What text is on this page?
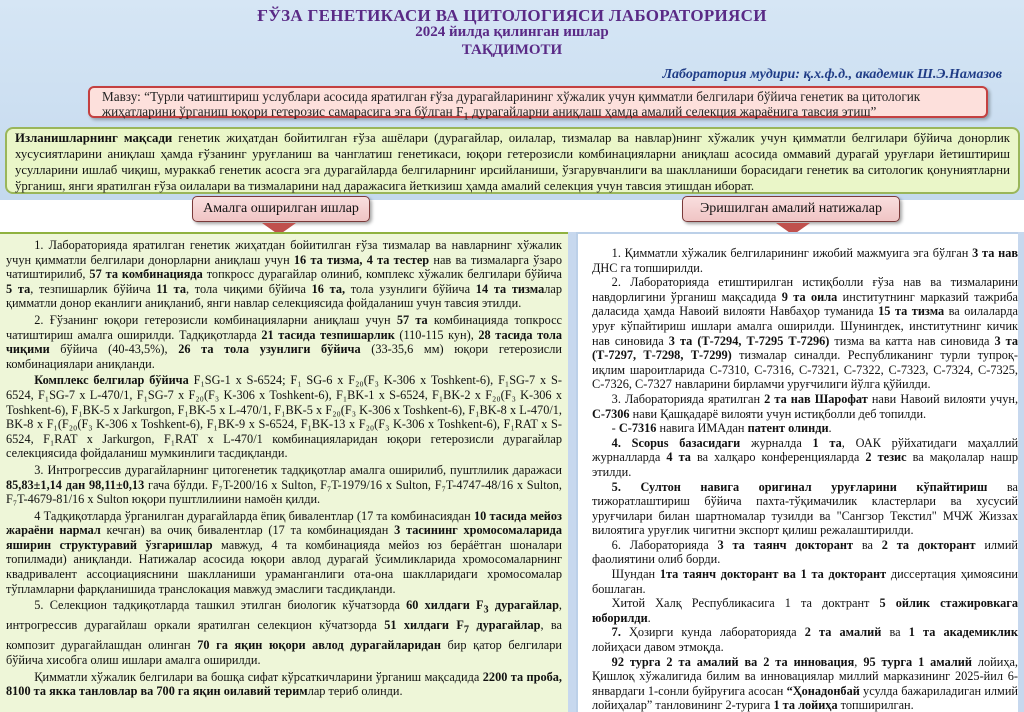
ҒЎЗА ГЕНЕТИКАСИ ВА ЦИТОЛОГИЯСИ ЛАБОРАТОРИЯСИ
2024 йилда қилинган ишлар
ТАҚДИМОТИ
Лаборатория мудири: қ.х.ф.д., академик Ш.Э.Намазов
Мавзу: “Турли чатиштириш услублари асосида яратилган ғўза дурагайларининг хўжалик учун қимматли белгилари бўйича генетик ва цитологик жиҳатларини ўрганиш юқори гетерозис самарасига эга бўлган $F_1$ дурагайларни аниқлаш ҳамда амалий селекция жараёнига тавсия этиш”
Изланишларнинг мақсади генетик жиҳатдан бойитилган ғўза ашёлари (дурагайлар, оилалар, тизмалар ва навлар)нинг хўжалик учун қимматли белгилари бўйича донорлик хусусиятларини аниқлаш ҳамда ғўзанинг уруғланиш ва чанглатиш генетикаси, юқори гетерозисли комбинацияларни аниқлаш асосида оммавий дурагай уруғлари йетиштириш усулларини ишлаб чиқиш, мураккаб генетик асосга эга дурагайларда белгиларнинг ирсийланиши, ўзгарувчанлиги ва шаклланиши борасидаги генетик ва ситологик қонуниятларни ўрганиш, янги яратилган ғўза оилалари ва тизмаларини над даражасига йеткизиш ҳамда амалий селекция учун тавсия этишдан иборат.
Амалга оширилган ишлар	Эришилган амалий натижалар

1. Лабораторияда яратилган генетик жиҳатдан бойитилган ғўза тизмалар ва навларнинг хўжалик учун қимматли белгилари донорларни аниқлаш учун 16 та тизма, 4 та тестер нав ва тизмаларга ўзаро чатиштирилиб, 57 та комбинацияда топкросс дурагайлар олиниб, комплекс хўжалик белгилари бўйича 5 та, тезпишарлик бўйича 11 та, тола чиқими бўйича 16 та, тола узунлиги бўйича 14 та тизмалар қимматли донор еканлиги аниқланиб, янги навлар селекциясида фойдаланиш учун тавсия этилди.

2. Ғўзанинг юқори гетерозисли комбинацияларни аниқлаш учун 57 та комбинацияда топкросс чатиштириш амалга оширилди. Тадқиқотларда 21 тасида тезпишарлик (110-115 кун), 28 тасида тола чиқими бўйича (40-43,5%), 26 та тола узунлиги бўйича (33-35,6 мм) юқори гетерозисли комбинациялари аниқланди.

Комплекс белгилар бўйича F₁SG-1 x S-6524; F₁ SG-6 x F₂₀(F₃ K-306 x Toshkent-6), F₁SG-7 x S-6524, F₁SG-7 x L-470/1, F₁SG-7 x F₂₀(F₃ K-306 x Toshkent-6), F₁BK-1 x S-6524, F₁BK-2 x F₂₀(F₃ K-306 x Toshkent-6), F₁BK-5 x Jarkurgon, F₁BK-5 x L-470/1, F₁BK-5 x F₂₀(F₃ K-306 x Toshkent-6), F₁BK-8 x L-470/1, BK-8 x F₁(F₂₀(F₃ K-306 x Toshkent-6), F₁BK-9 x S-6524, F₁BK-13 x F₂₀(F₃ K-306 x Toshkent-6), F₁RAT x S-6524, F₁RAT x Jarkurgon, F₁RAT x L-470/1 комбинацияларидан юқори гетерозисли дурагайлар селекциясида фойдаланиш мумкинлиги тасдиқланди.

3. Интрогрессив дурагайларнинг цитогенетик тадқиқотлар амалга оширилиб, пуштлилик даражаси 85,83±1,14 дан 98,11±0,13 гача бўлди. F₇T-200/16 x Sulton, F₇T-1979/16 x Sulton, F₇T-4747-48/16 x Sulton, F₇T-4679-81/16 x Sulton юқори пуштлилиини намоён қилди.

4 Тадқиқотларда ўрганилган дурагайларда ёпиқ бивалентлар (17 та комбинасиядан 10 тасида мейоз жараёни нармал кечган) ва очиқ бивалентлар (17 та комбинациядан 3 тасининг хромосомаларида яширин структуравий ўзгаришлар мавжуд, 4 та комбинацияда мейоз юз берáётган шоналари топилмади) аниқланди. Натижалар асосида юқори авлод дурагай ўсимликларида хромосомаларнинг квадривалент ассоциацияснини шаклланиши ураманганлиги ота-она шаклларидаги хромосомалар тўпламларни фарқланишида транслокация мавжуд эмаслиги тасдиқланди.

5. Селекцион тадқиқотларда ташкил этилган биологик кўчатзорда 60 хилдаги $F_3$ дурагайлар, интрогрессив дурагайлаш оркали яратилган селекцион кўчатзорда 51 хилдаги $F_7$ дурагайлар, ва композит дурагайлашдан олинган 70 га яқин юқори авлод дурагайларидан бир қатор белгилари бўйича хисобга олиш ишлари амалга оширилди.

Қимматли хўжалик белгилари ва бошқа сифат кўрсаткичларини ўрганиш мақсадида 2200 та проба, 8100 та якка танловлар ва 700 га яқин оилавий теримлар териб олинди.

1. Қимматли хўжалик белгиларининг ижобий мажмуига эга бўлган 3 та нав ДНС га топширилди.

2. Лабораторияда етиштирилган истиқболли ғўза нав ва тизмаларини навдорлигини ўрганиш мақсадида 9 та оила институтнинг марказий тажриба даласида ҳамда Навоий вилояти Навбаҳор туманида 15 та тизма ва оилаларда уруғ кўпайтириш ишлари амалга оширилди. Шунингдек, институтнинг кичик нав синовида 3 та (Т-7294, Т-7295 Т-7296) тизма ва катта нав синовида 3 та (Т-7297, Т-7298, Т-7299) тизмалар синалди. Республиканинг турли тупроқ-иқлим шароитларида С-7310, С-7316, С-7321, С-7322, С-7323, С-7324, С-7325, С-7326, С-7327 навларини бирламчи уруғчилиги йўлга қўйилди.

3. Лабораторияда яратилган 2 та нав Шарофат нави Навоий вилояти учун, С-7306 нави Қашқадарё вилояти учун истиқболли деб топилди.

- С-7316 навига ИМАдан патент олинди.

4. Scopus базасидаги журналда 1 та, ОАК рўйхатидаги маҳаллий журналларда 4 та ва халқаро конференцияларда 2 тезис ва мақолалар нашр этилди.

5. Султон навига оригинал уруғларини кўпайтириш ва тижоратлаштириш бўйича пахта-тўқимачилик кластерлари ва хусусий уруғчилари билан шартномалар тузилди ва "Сангзор Текстил" МЧЖ Жиззах вилоятига уруғлик чигитни экспорт қилиш режалаштирилди.

6. Лабораторияда 3 та таянч докторант ва 2 та докторант илмий фаолиятини олиб борди.

Шундан 1та таянч докторант ва 1 та докторант диссертация ҳимоясини бошлаган.

Хитой Халқ Республикасига 1 та доктрант 5 ойлик стажировкага юборилди.

7. Ҳозирги кунда лабораторияда 2 та амалий ва 1 та академиклик лойиҳаси давом этмоқда.

92 турга 2 та амалий ва 2 та инновация, 95 турга 1 амалий лойиҳа, Қишлоқ хўжалигида билим ва инновациялар миллий марказининг 2025-йил 6-январдаги 1-сонли буйруғига асосан “Ҳонадонбай усулда бажариладиган илмий лойиҳалар” танловининг 2-турига 1 та лойиҳа топширилган.
